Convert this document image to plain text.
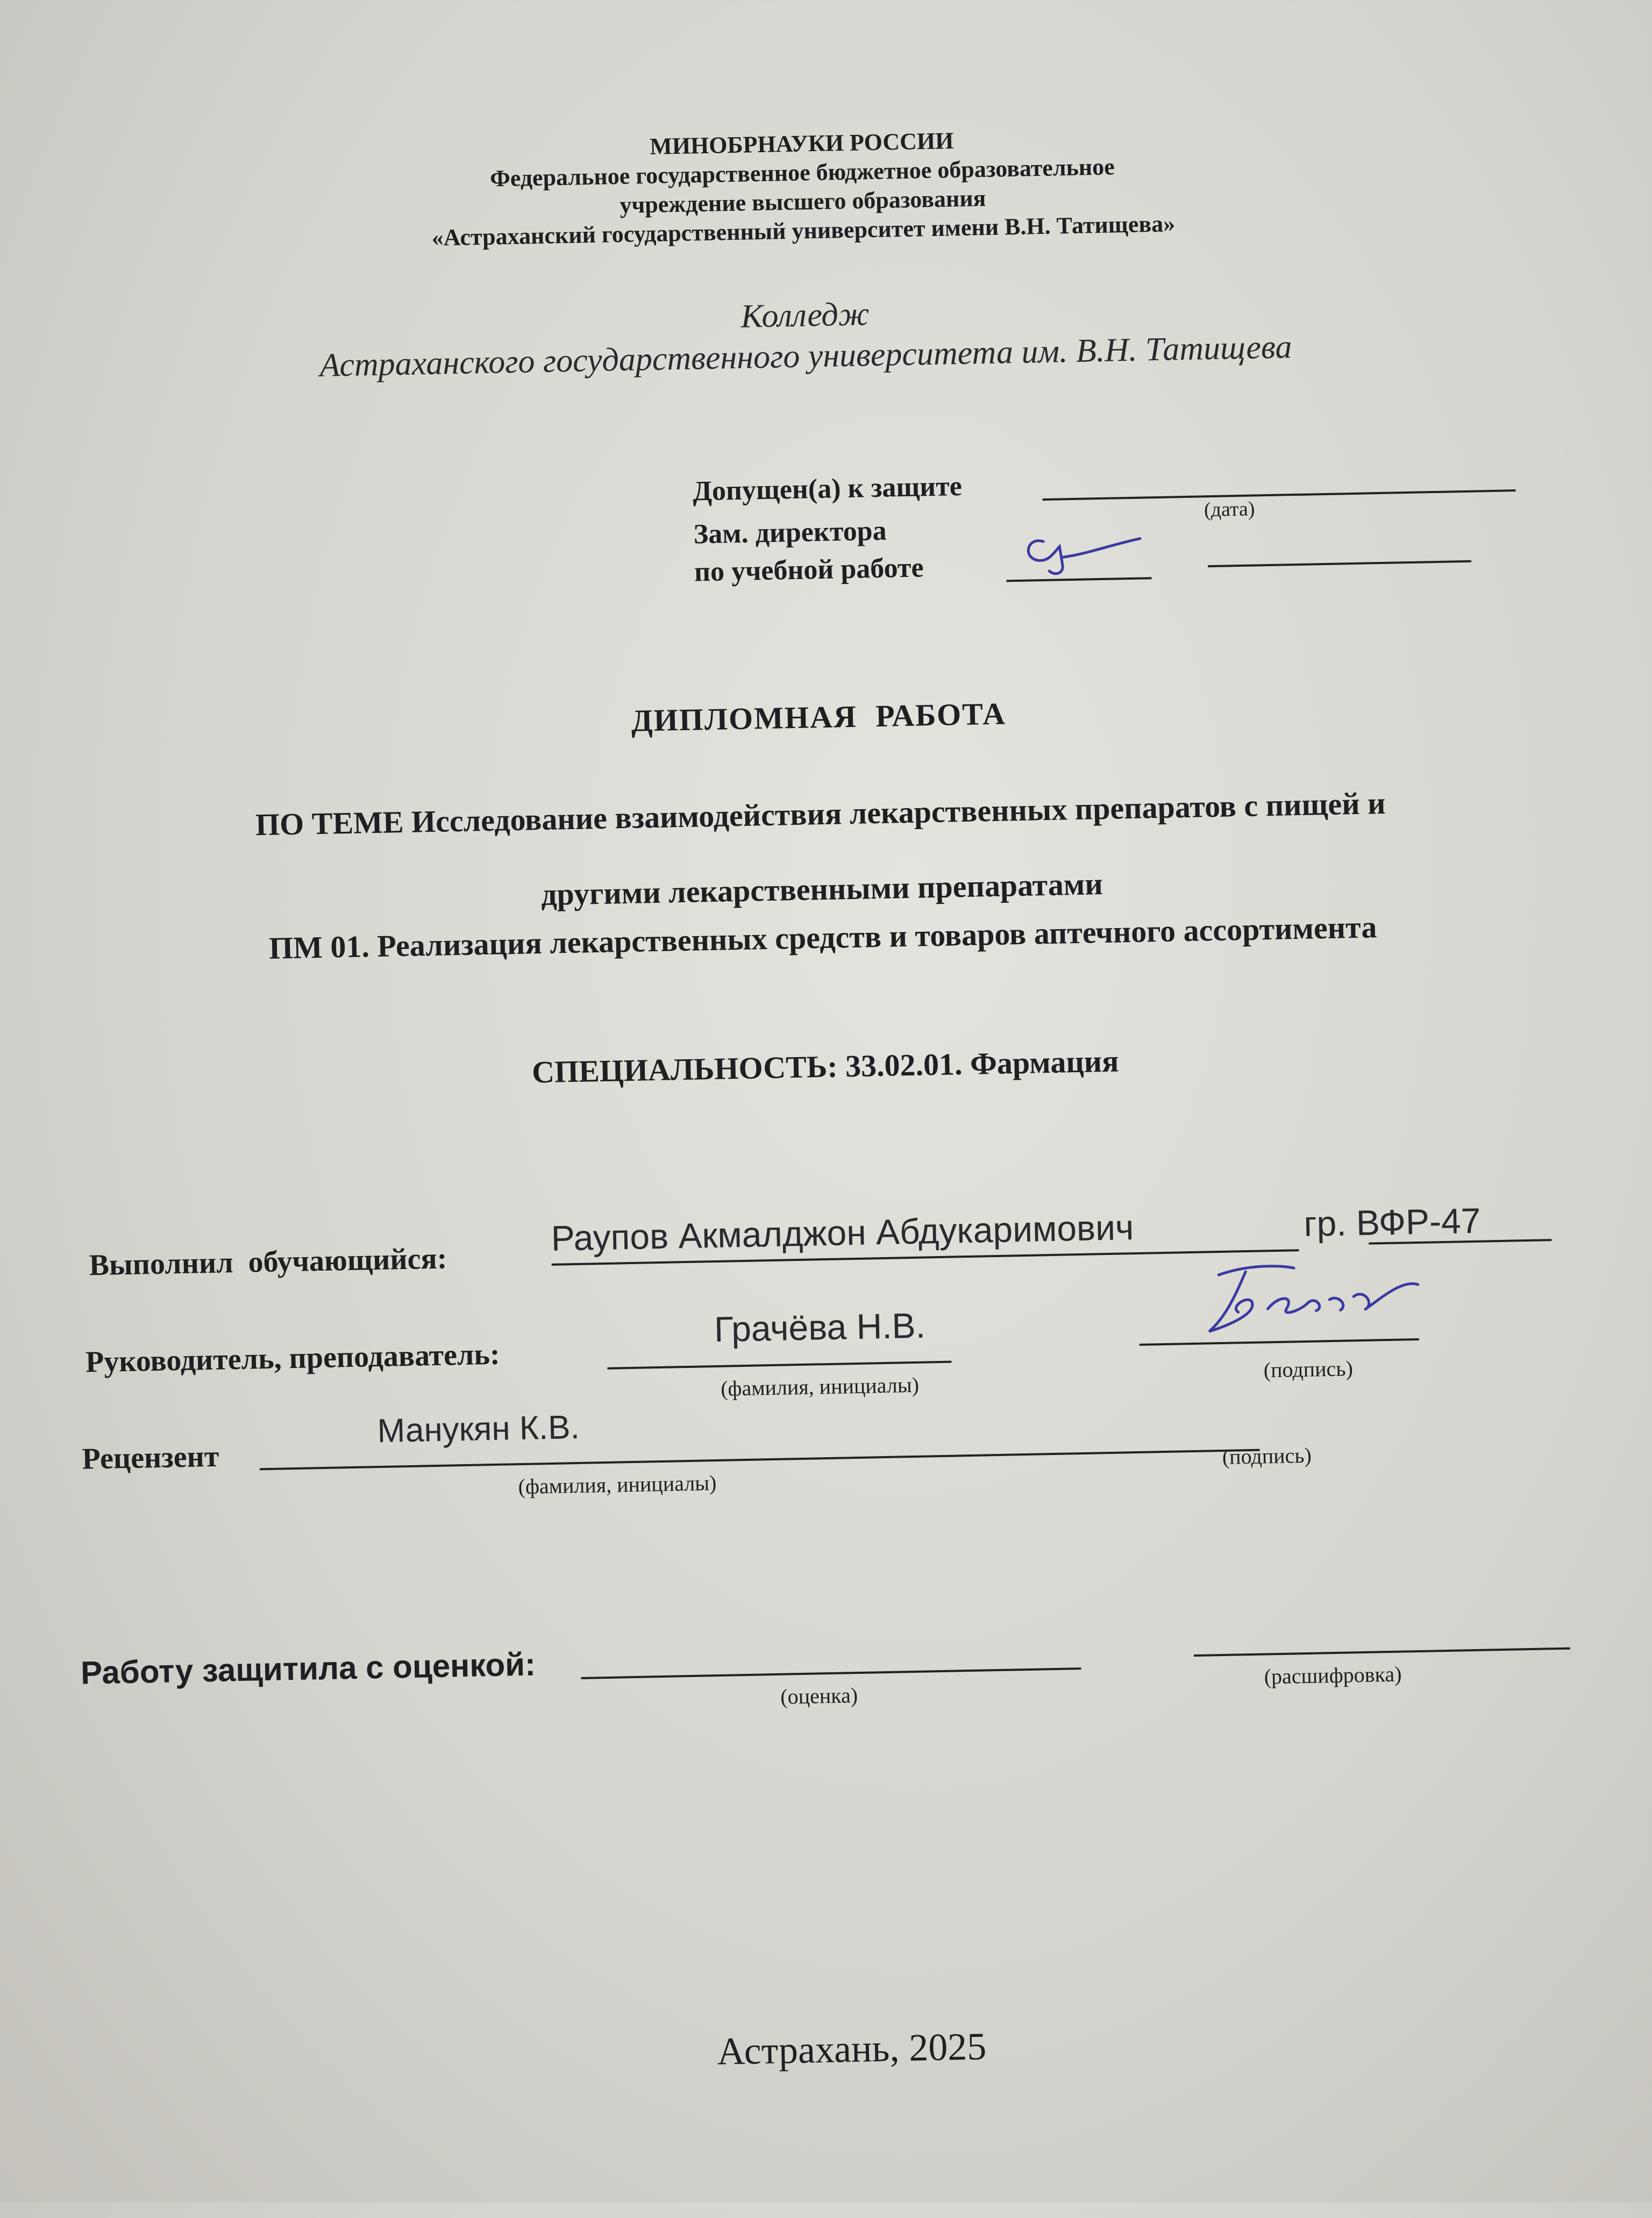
МИНОБРНАУКИ РОССИИ
Федеральное государственное бюджетное образовательное
учреждение высшего образования
«Астраханский государственный университет имени В.Н. Татищева»
Колледж
Астраханского государственного университета им. В.Н. Татищева
Допущен(а) к защите
(дата)
Зам. директора
по учебной работе
ДИПЛОМНАЯ РАБОТА
ПО ТЕМЕ Исследование взаимодействия лекарственных препаратов с пищей и
другими лекарственными препаратами
ПМ 01. Реализация лекарственных средств и товаров аптечного ассортимента
СПЕЦИАЛЬНОСТЬ: 33.02.01. Фармация
Выполнил обучающийся:
Раупов Акмалджон Абдукаримович	гр. ВФР-47
Руководитель, преподаватель:
Грачёва Н.В.
(фамилия, инициалы)
(подпись)
Рецензент
Манукян К.В.
(фамилия, инициалы)
(подпись)
Работу защитила с оценкой:
(оценка)
(расшифровка)
Астрахань, 2025
